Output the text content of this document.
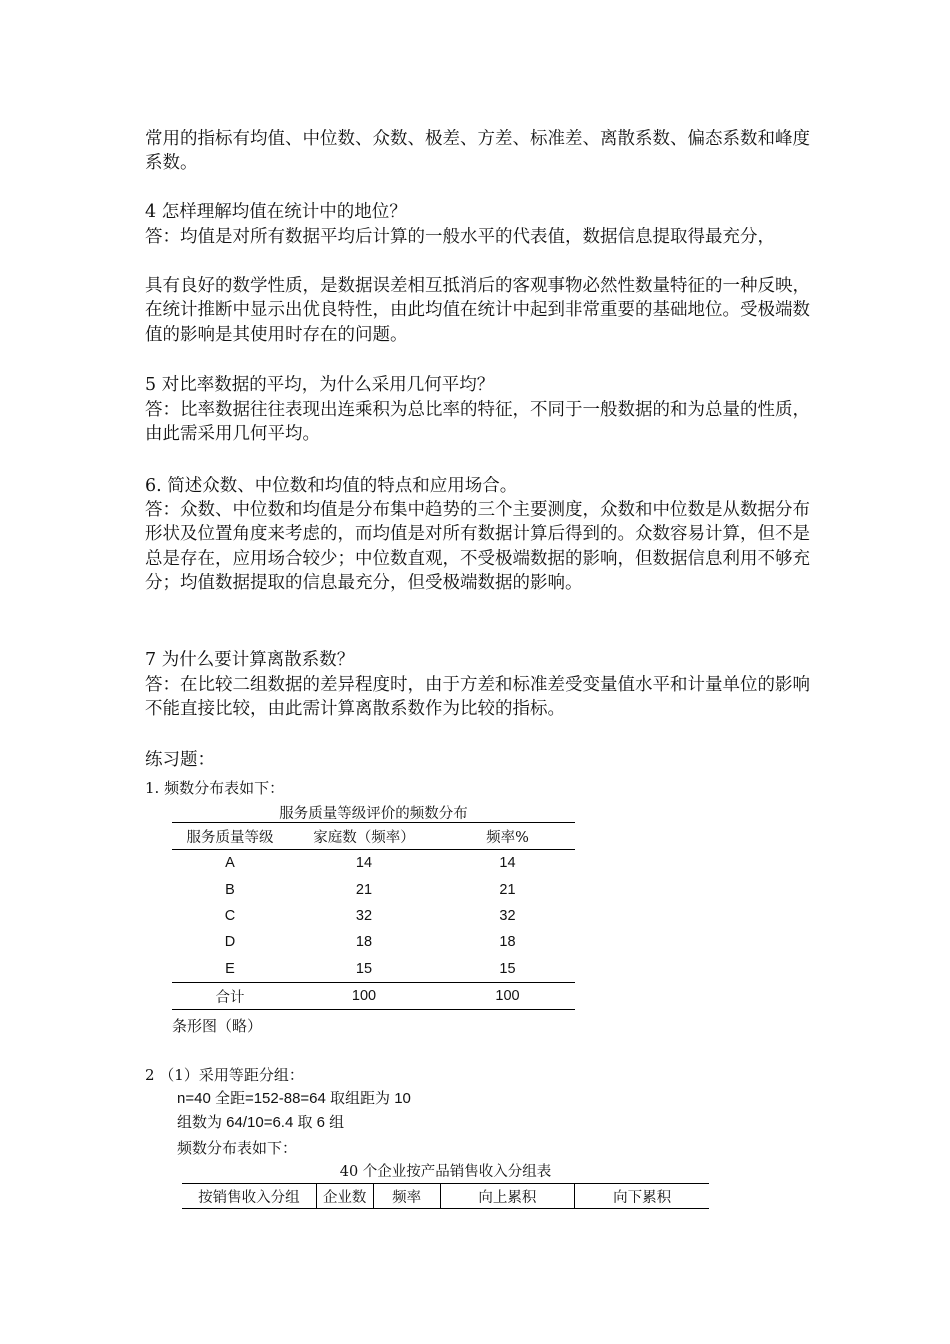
常用的指标有均值、中位数、众数、极差、方差、标准差、离散系数、偏态系数和峰度系数。

4 怎样理解均值在统计中的地位？

答：均值是对所有数据平均后计算的一般水平的代表值，数据信息提取得最充分，

具有良好的数学性质，是数据误差相互抵消后的客观事物必然性数量特征的一种反映，在统计推断中显示出优良特性，由此均值在统计中起到非常重要的基础地位。受极端数值的影响是其使用时存在的问题。

5 对比率数据的平均，为什么采用几何平均？

答：比率数据往往表现出连乘积为总比率的特征，不同于一般数据的和为总量的性质，由此需采用几何平均。

6. 简述众数、中位数和均值的特点和应用场合。

答：众数、中位数和均值是分布集中趋势的三个主要测度，众数和中位数是从数据分布形状及位置角度来考虑的，而均值是对所有数据计算后得到的。众数容易计算，但不是总是存在，应用场合较少；中位数直观，不受极端数据的影响，但数据信息利用不够充分；均值数据提取的信息最充分，但受极端数据的影响。

7 为什么要计算离散系数？

答：在比较二组数据的差异程度时，由于方差和标准差受变量值水平和计量单位的影响不能直接比较，由此需计算离散系数作为比较的指标。

练习题：

1. 频数分布表如下：

服务质量等级评价的频数分布
服务质量等级	家庭数（频率）	频率%
A	14	14
B	21	21
C	32	32
D	18	18
E	15	15
合计	100	100

条形图（略）

2 （1）采用等距分组：

n=40 全距=152-88=64 取组距为 10

组数为 64/10=6.4 取 6 组

频数分布表如下：

40 个企业按产品销售收入分组表
按销售收入分组	企业数	频率	向上累积	向下累积
